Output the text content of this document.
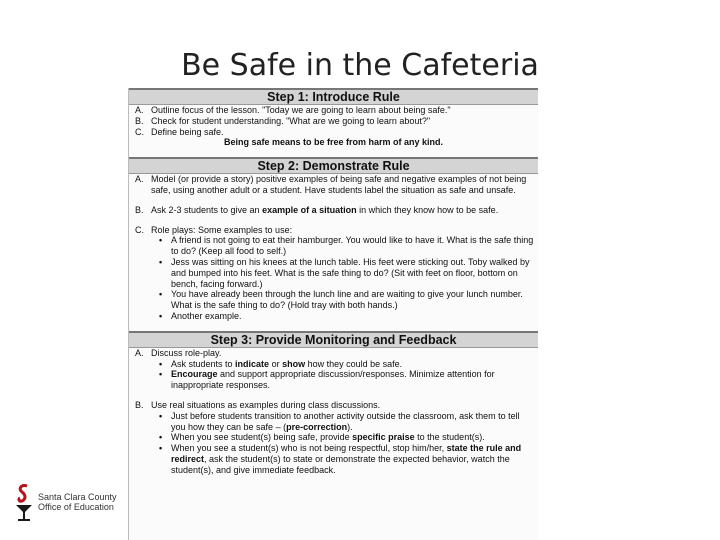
Be Safe in the Cafeteria
Step 1: Introduce Rule
A. Outline focus of the lesson. "Today we are going to learn about being safe."
B. Check for student understanding. "What are we going to learn about?"
C. Define being safe.
Being safe means to be free from harm of any kind.
Step 2: Demonstrate Rule
A. Model (or provide a story) positive examples of being safe and negative examples of not being safe, using another adult or a student. Have students label the situation as safe and unsafe.
B. Ask 2-3 students to give an example of a situation in which they know how to be safe.
C. Role plays: Some examples to use:
• A friend is not going to eat their hamburger. You would like to have it. What is the safe thing to do? (Keep all food to self.)
• Jess was sitting on his knees at the lunch table. His feet were sticking out. Toby walked by and bumped into his feet. What is the safe thing to do? (Sit with feet on floor, bottom on bench, facing forward.)
• You have already been through the lunch line and are waiting to give your lunch number. What is the safe thing to do? (Hold tray with both hands.)
• Another example.
Step 3: Provide Monitoring and Feedback
A. Discuss role-play.
• Ask students to indicate or show how they could be safe.
• Encourage and support appropriate discussion/responses. Minimize attention for inappropriate responses.
B. Use real situations as examples during class discussions.
• Just before students transition to another activity outside the classroom, ask them to tell you how they can be safe – (pre-correction).
• When you see student(s) being safe, provide specific praise to the student(s).
• When you see a student(s) who is not being respectful, stop him/her, state the rule and redirect, ask the student(s) to state or demonstrate the expected behavior, watch the student(s), and give immediate feedback.
Santa Clara County
Office of Education
